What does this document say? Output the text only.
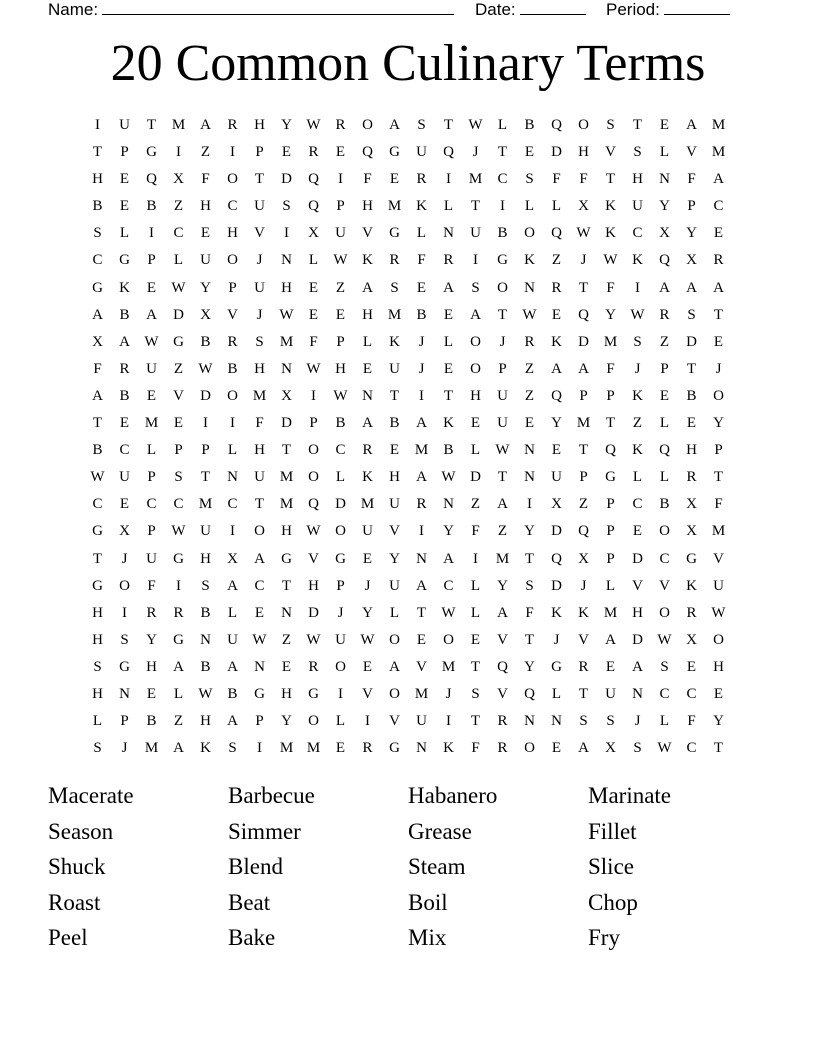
Name:	Date:	Period:
20 Common Culinary Terms
I	U	T	M A	R	H	Y W R	O	A	S	T	W	L	B	Q	O	S	T	E	A M
T	P	G	I	Z	I	P	E	R	E	Q	G	U	Q	J	T	E	D	H	V	S	L	V M
H	E	Q	X	F	O	T	D	Q	I	F	E	R	I	M	C	S	F	F	T	H	N	F	A
B	E	B	Z	H	C	U	S	Q	P	H M K	L	T	I	L	L	X	K	U	Y	P	C
S	L	I	C	E	H	V	I	X	U	V	G	L	N	U	B	O	Q W K	C	X	Y	E
C	G	P	L	U	O	J	N	L	W K	R	F	R	I	G	K	Z	J	W K	Q	X	R
G	K	E	W Y	P	U	H	E	Z	A	S	E	A	S	O	N	R	T	F	I	A	A	A
A	B	A	D	X	V	J	W	E	E	H M	B	E	A	T	W	E	Q	Y W R	S	T
X	A W G	B	R	S	M	F	P	L	K	J	L	O	J	R	K	D M	S	Z	D	E
F	R	U	Z	W B	H	N W H	E	U	J	E	O	P	Z	A	A	F	J	P	T	J
A	B	E	V	D	O M X	I	W N	T	I	T	H	U	Z	Q	P	P	K	E	B	O
T	E	M	E	I	I	F	D	P	B	A	B	A	K	E	U	E	Y M	T	Z	L	E	Y
B	C	L	P	P	L	H	T	O	C	R	E	M	B	L	W N	E	T	Q	K	Q	H	P
W U	P	S	T	N	U M O	L	K	H	A W D	T	N	U	P	G	L	L	R	T
C	E	C	C	M	C	T	M Q	D M U	R	N	Z	A	I	X	Z	P	C	B	X	F
G	X	P	W U	I	O	H W O	U	V	I	Y	F	Z	Y	D	Q	P	E	O	X M
T	J	U	G	H	X	A	G	V	G	E	Y	N	A	I	M	T	Q	X	P	D	C	G	V
G	O	F	I	S	A	C	T	H	P	J	U	A	C	L	Y	S	D	J	L	V	V	K	U
H	I	R	R	B	L	E	N	D	J	Y	L	T	W	L	A	F	K	K M H	O	R W
H	S	Y	G	N	U W	Z	W U W O	E	O	E	V	T	J	V	A	D W X	O
S	G	H	A	B	A	N	E	R	O	E	A	V M	T	Q	Y	G	R	E	A	S	E	H
H	N	E	L	W B	G	H	G	I	V	O M	J	S	V	Q	L	T	U	N	C	C	E
L	P	B	Z	H	A	P	Y	O	L	I	V	U	I	T	R	N	N	S	S	J	L	F	Y
S	J	M A	K	S	I	M M	E	R	G	N	K	F	R	O	E	A	X	S	W C	T
Macerate	Barbecue	Habanero	Marinate
Season	Simmer	Grease	Fillet
Shuck	Blend	Steam	Slice
Roast	Beat	Boil	Chop
Peel	Bake	Mix	Fry
